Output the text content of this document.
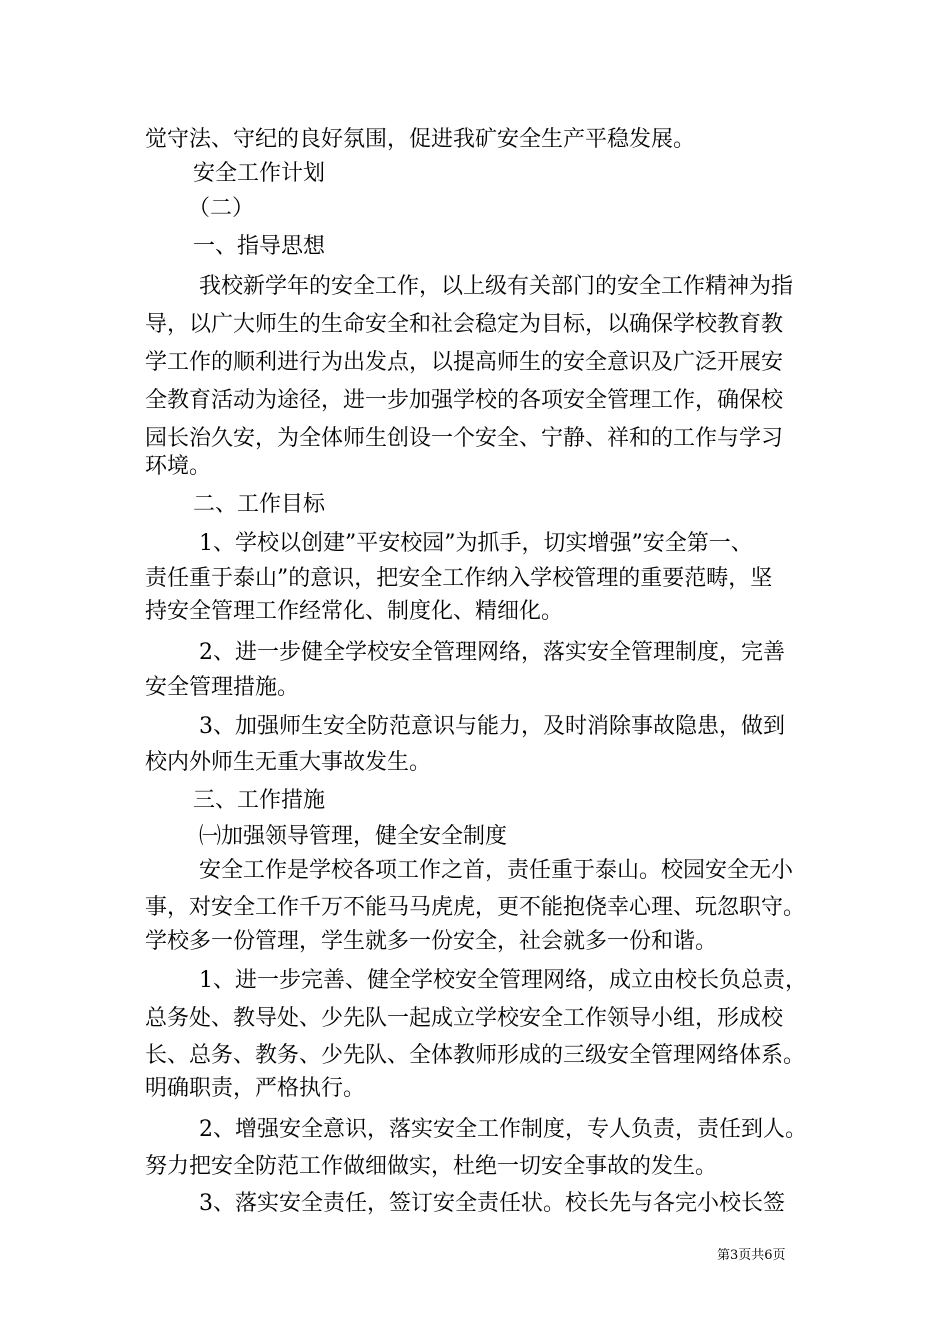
觉守法、守纪的良好氛围，促进我矿安全生产平稳发展。
安全工作计划
（二）
一、指导思想
我校新学年的安全工作，以上级有关部门的安全工作精神为指
导，以广大师生的生命安全和社会稳定为目标，以确保学校教育教
学工作的顺利进行为出发点，以提高师生的安全意识及广泛开展安
全教育活动为途径，进一步加强学校的各项安全管理工作，确保校
园长治久安，为全体师生创设一个安全、宁静、祥和的工作与学习
环境。
二、工作目标
1、学校以创建”平安校园”为抓手，切实增强”安全第一、
责任重于泰山”的意识，把安全工作纳入学校管理的重要范畴，坚
持安全管理工作经常化、制度化、精细化。
2、进一步健全学校安全管理网络，落实安全管理制度，完善
安全管理措施。
3、加强师生安全防范意识与能力，及时消除事故隐患，做到
校内外师生无重大事故发生。
三、工作措施
㈠加强领导管理，健全安全制度
安全工作是学校各项工作之首，责任重于泰山。校园安全无小
事，对安全工作千万不能马马虎虎，更不能抱侥幸心理、玩忽职守。
学校多一份管理，学生就多一份安全，社会就多一份和谐。
1、进一步完善、健全学校安全管理网络，成立由校长负总责，
总务处、教导处、少先队一起成立学校安全工作领导小组，形成校
长、总务、教务、少先队、全体教师形成的三级安全管理网络体系。
明确职责，严格执行。
2、增强安全意识，落实安全工作制度，专人负责，责任到人。
努力把安全防范工作做细做实，杜绝一切安全事故的发生。
3、落实安全责任，签订安全责任状。校长先与各完小校长签
第3页共6页
